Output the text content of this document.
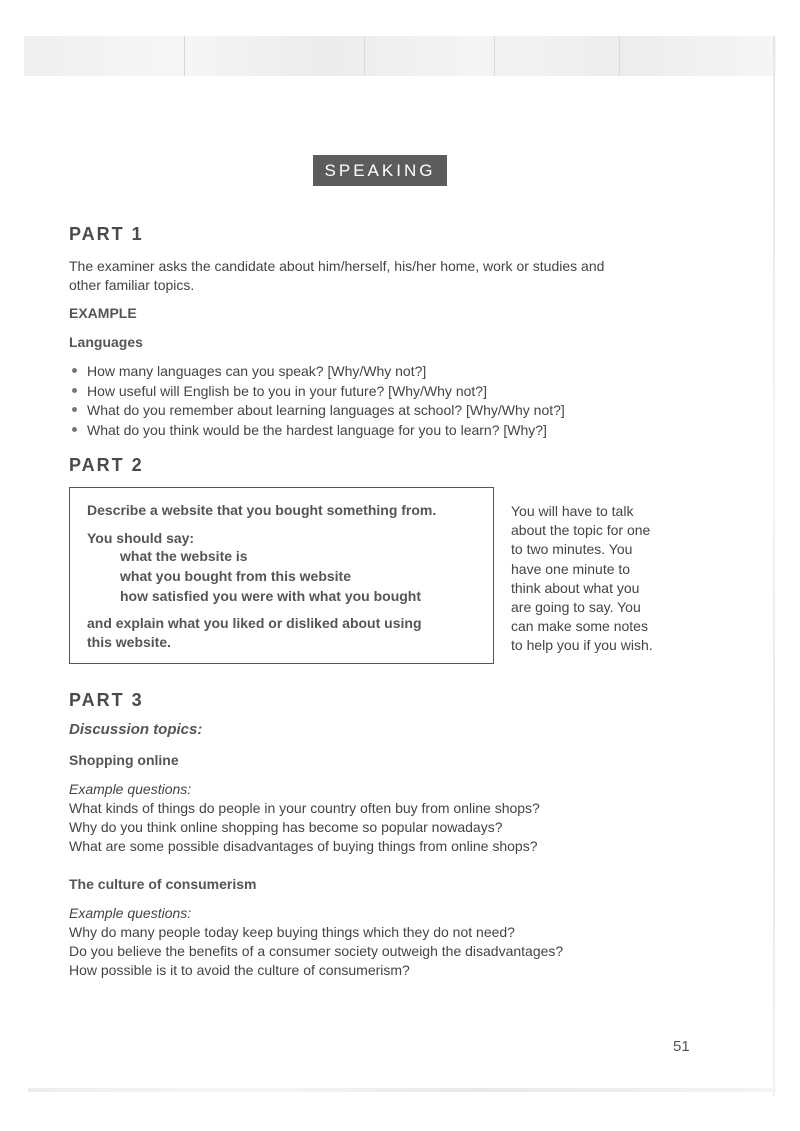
SPEAKING
PART 1
The examiner asks the candidate about him/herself, his/her home, work or studies and
other familiar topics.
EXAMPLE
Languages
How many languages can you speak? [Why/Why not?]
How useful will English be to you in your future? [Why/Why not?]
What do you remember about learning languages at school? [Why/Why not?]
What do you think would be the hardest language for you to learn? [Why?]
PART 2
Describe a website that you bought something from.
You should say:
what the website is
what you bought from this website
how satisfied you were with what you bought
and explain what you liked or disliked about using
this website.
You will have to talk
about the topic for one
to two minutes. You
have one minute to
think about what you
are going to say. You
can make some notes
to help you if you wish.
PART 3
Discussion topics:
Shopping online
Example questions:
What kinds of things do people in your country often buy from online shops?
Why do you think online shopping has become so popular nowadays?
What are some possible disadvantages of buying things from online shops?
The culture of consumerism
Example questions:
Why do many people today keep buying things which they do not need?
Do you believe the benefits of a consumer society outweigh the disadvantages?
How possible is it to avoid the culture of consumerism?
51
